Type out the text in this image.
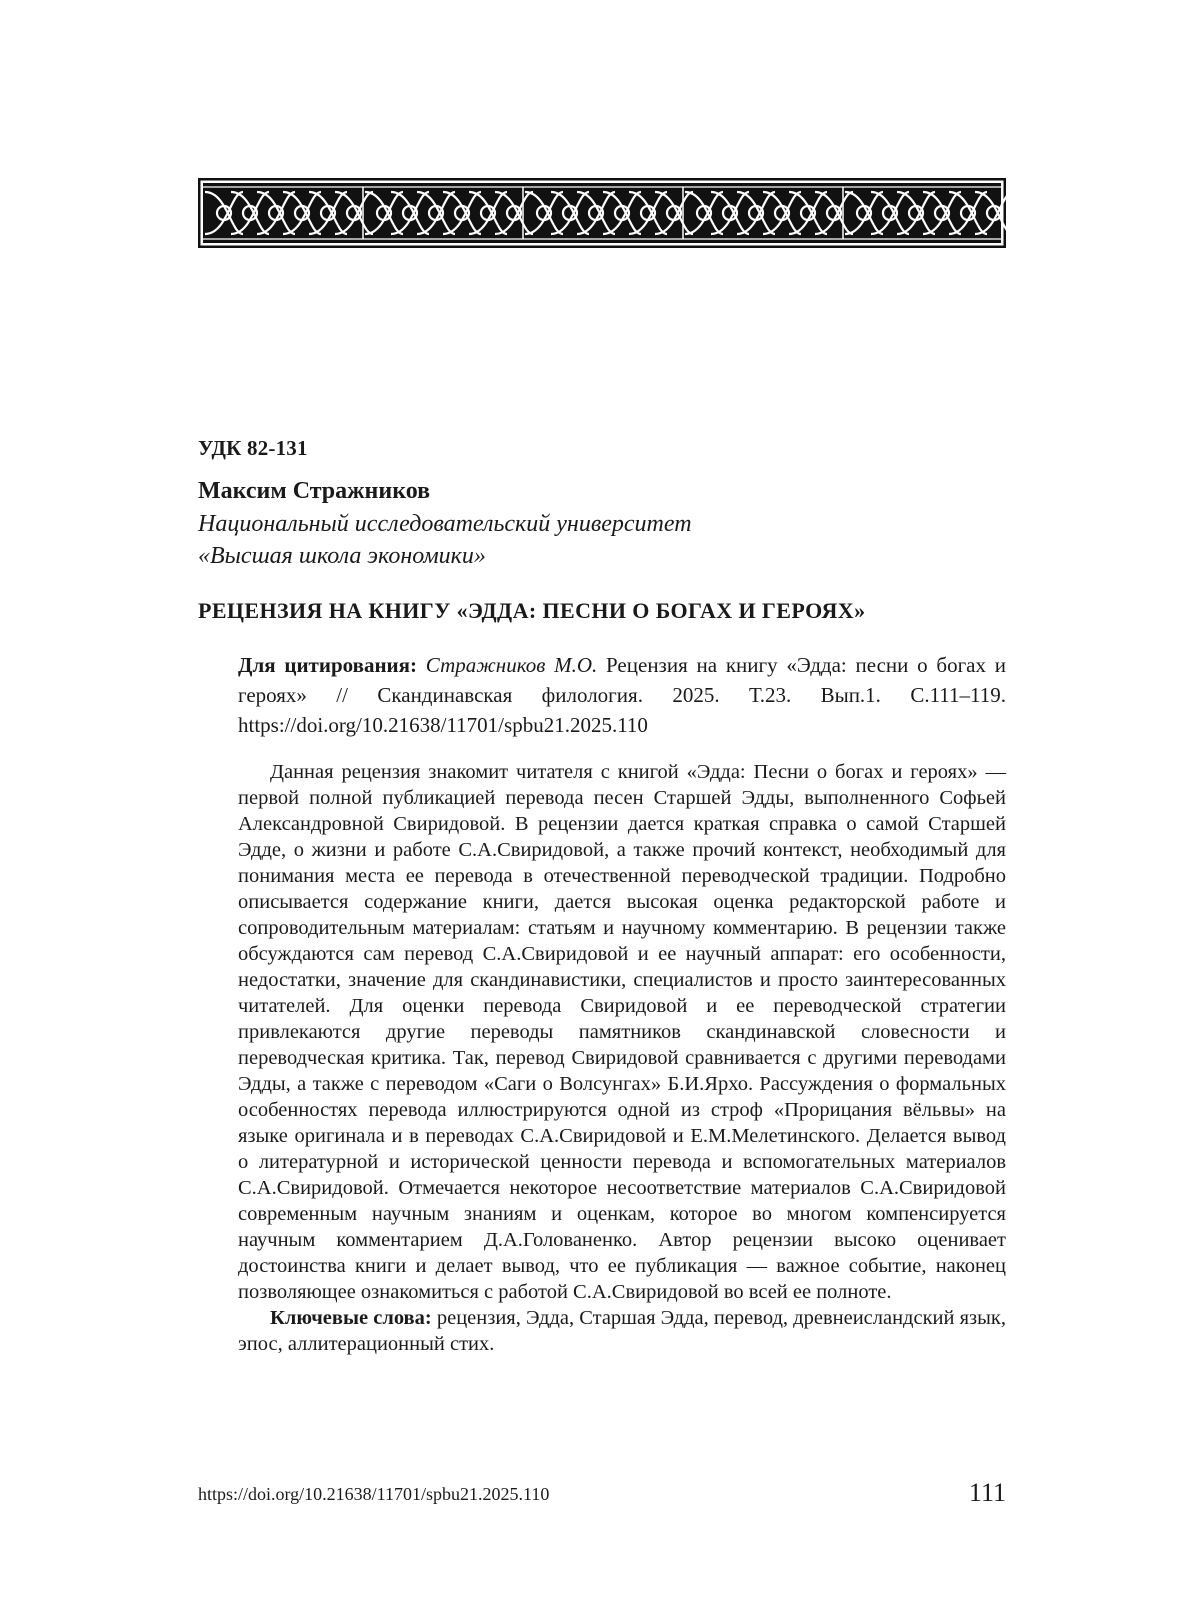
УДК 82-131
Максим Стражников
Национальный исследовательский университет
«Высшая школа экономики»
РЕЦЕНЗИЯ НА КНИГУ «ЭДДА: ПЕСНИ О БОГАХ И ГЕРОЯХ»
Для цитирования: Стражников М.О. Рецензия на книгу «Эдда: песни о богах и героях» // Скандинавская филология. 2025. Т.23. Вып.1. С.111–119. https://doi.org/10.21638/11701/spbu21.2025.110

Данная рецензия знакомит читателя с книгой «Эдда: Песни о богах и героях» — первой полной публикацией перевода песен Старшей Эдды, выполненного Софьей Александровной Свиридовой. В рецензии дается краткая справка о самой Старшей Эдде, о жизни и работе С.А.Свиридовой, а также прочий контекст, необходимый для понимания места ее перевода в отечественной переводческой традиции. Подробно описывается содержание книги, дается высокая оценка редакторской работе и сопроводительным материалам: статьям и научному комментарию. В рецензии также обсуждаются сам перевод С.А.Свиридовой и ее научный аппарат: его особенности, недостатки, значение для скандинавистики, специалистов и просто заинтересованных читателей. Для оценки перевода Свиридовой и ее переводческой стратегии привлекаются другие переводы памятников скандинавской словесности и переводческая критика. Так, перевод Свиридовой сравнивается с другими переводами Эдды, а также с переводом «Саги о Волсунгах» Б.И.Ярхо. Рассуждения о формальных особенностях перевода иллюстрируются одной из строф «Прорицания вёльвы» на языке оригинала и в переводах С.А.Свиридовой и Е.М.Мелетинского. Делается вывод о литературной и исторической ценности перевода и вспомогательных материалов С.А.Свиридовой. Отмечается некоторое несоответствие материалов С.А.Свиридовой современным научным знаниям и оценкам, которое во многом компенсируется научным комментарием Д.А.Голованенко. Автор рецензии высоко оценивает достоинства книги и делает вывод, что ее публикация — важное событие, наконец позволяющее ознакомиться с работой С.А.Свиридовой во всей ее полноте.

Ключевые слова: рецензия, Эдда, Старшая Эдда, перевод, древнеисландский язык, эпос, аллитерационный стих.

https://doi.org/10.21638/11701/spbu21.2025.110	111
